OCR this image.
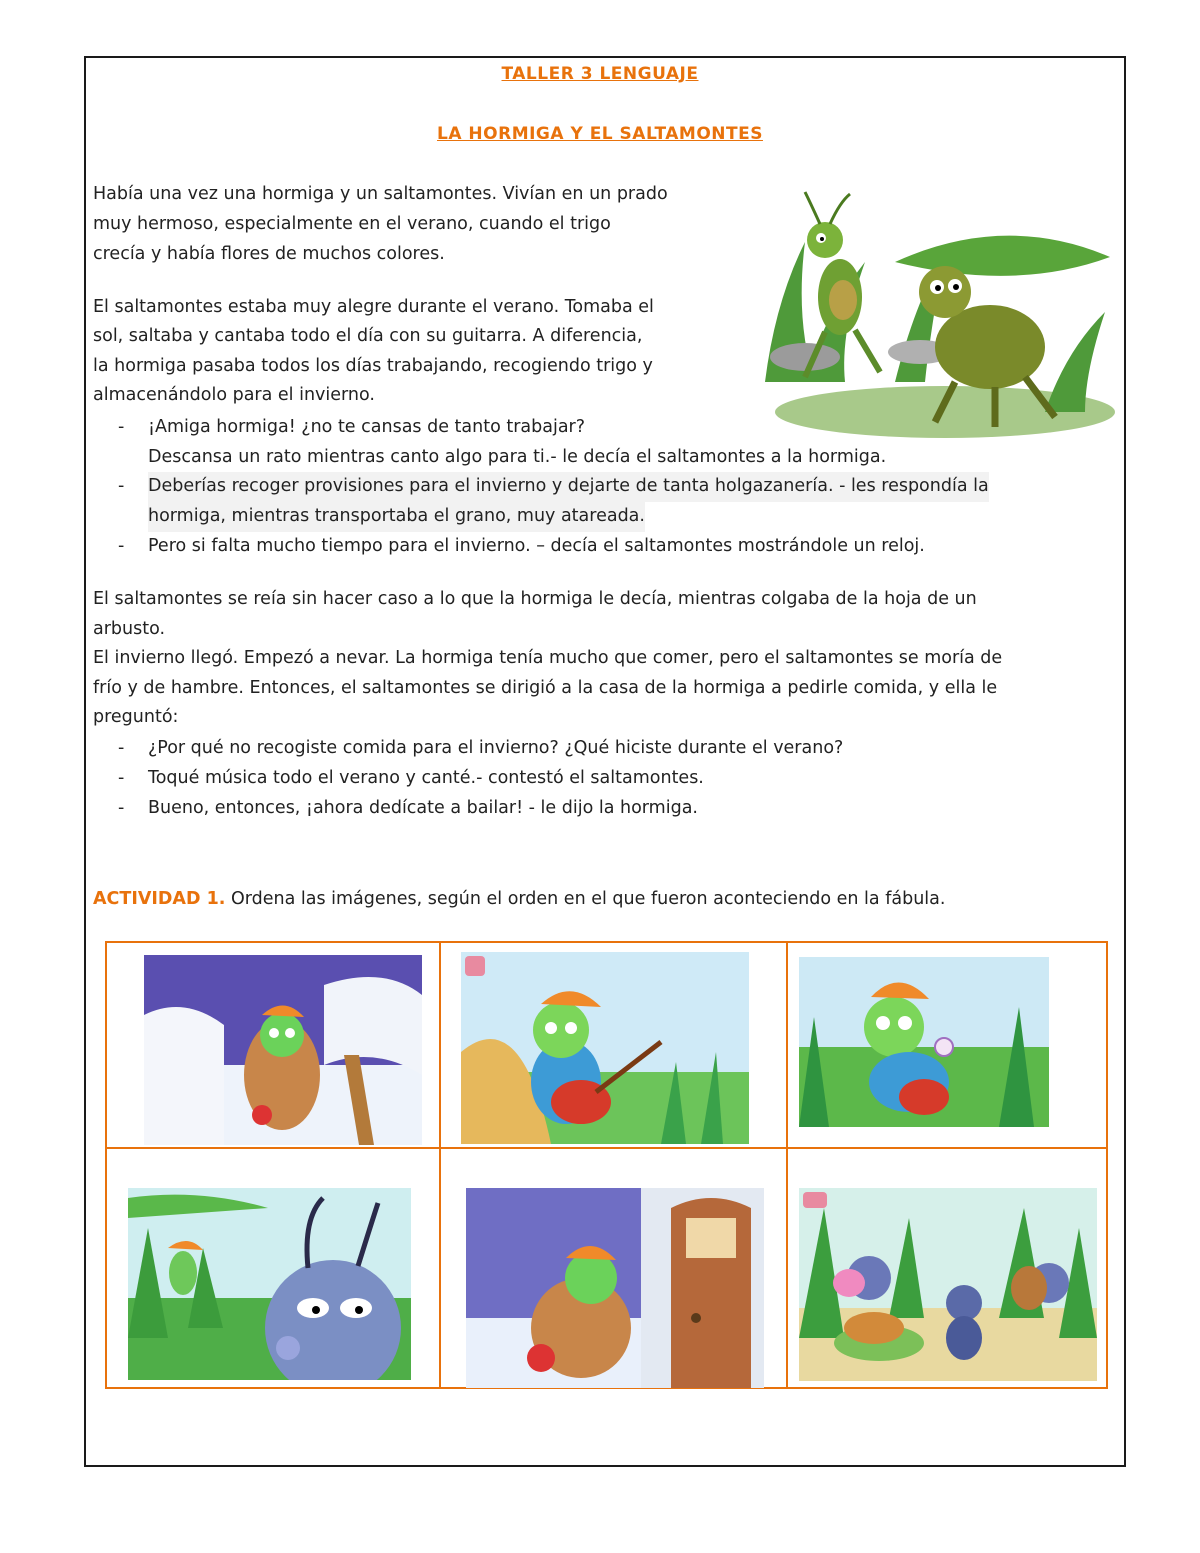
TALLER 3 LENGUAJE
LA HORMIGA Y EL SALTAMONTES

Había una vez una hormiga y un saltamontes. Vivían en un prado

muy hermoso, especialmente en el verano, cuando el trigo

crecía y había flores de muchos colores.

El saltamontes estaba muy alegre durante el verano. Tomaba el

sol, saltaba y cantaba todo el día con su guitarra. A diferencia,

la hormiga pasaba todos los días trabajando, recogiendo trigo y

almacenándolo para el invierno.

- ¡Amiga hormiga! ¿no te cansas de tanto trabajar?

Descansa un rato mientras canto algo para ti.- le decía el saltamontes a la hormiga.

- Deberías recoger provisiones para el invierno y dejarte de tanta holgazanería. - les respondía la

hormiga, mientras transportaba el grano, muy atareada.

- Pero si falta mucho tiempo para el invierno. – decía el saltamontes mostrándole un reloj.

El saltamontes se reía sin hacer caso a lo que la hormiga le decía, mientras colgaba de la hoja de un

arbusto.

El invierno llegó. Empezó a nevar. La hormiga tenía mucho que comer, pero el saltamontes se moría de

frío y de hambre. Entonces, el saltamontes se dirigió a la casa de la hormiga a pedirle comida, y ella le

preguntó:

- ¿Por qué no recogiste comida para el invierno? ¿Qué hiciste durante el verano?

- Toqué música todo el verano y canté.- contestó el saltamontes.

- Bueno, entonces, ¡ahora dedícate a bailar! - le dijo la hormiga.

ACTIVIDAD 1. Ordena las imágenes, según el orden en el que fueron aconteciendo en la fábula.
